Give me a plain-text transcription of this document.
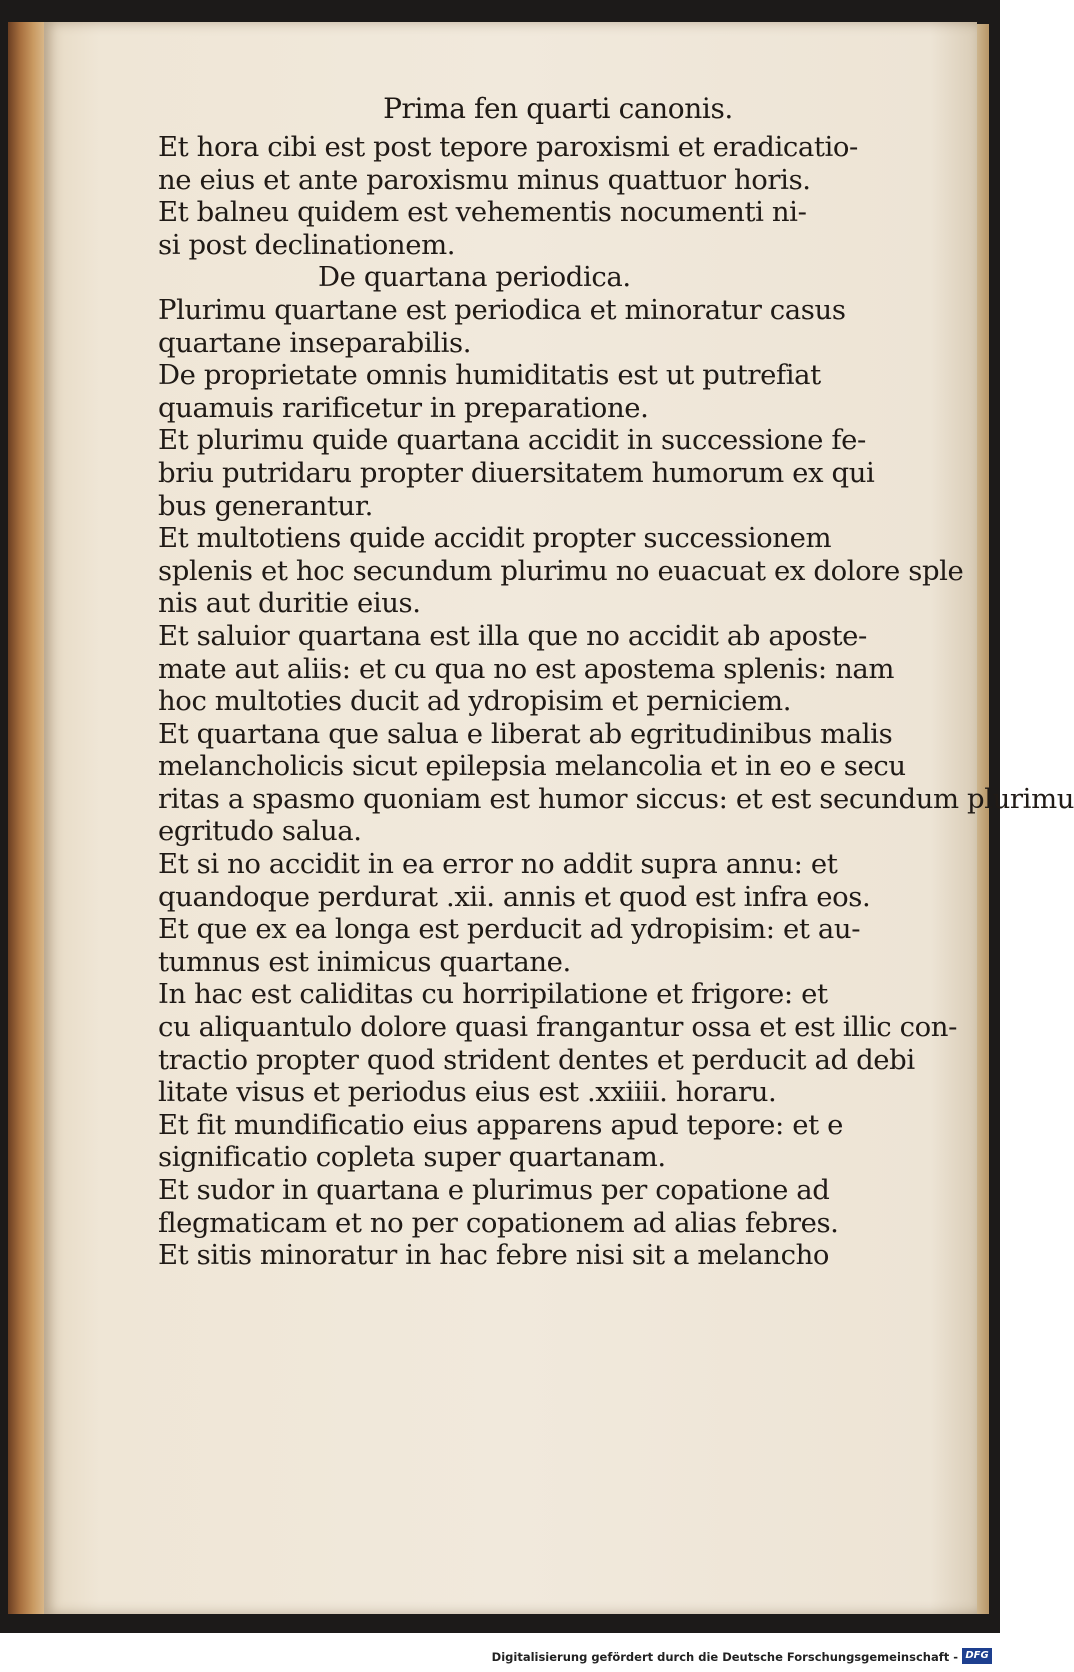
Prima fen quarti canonis.
Et hora cibi est post tepore paroxismi et eradicatio-
ne eius et ante paroxismu minus quattuor horis.
Et balneu quidem est vehementis nocumenti ni-
si post declinationem.
De quartana periodica.
Plurimu quartane est periodica et minoratur casus
quartane inseparabilis.
De proprietate omnis humiditatis est ut putrefiat
quamuis rarificetur in preparatione.
Et plurimu quide quartana accidit in successione fe-
briu putridaru propter diuersitatem humorum ex qui
bus generantur.
Et multotiens quide accidit propter successionem
splenis et hoc secundum plurimu no euacuat ex dolore sple
nis aut duritie eius.
Et saluior quartana est illa que no accidit ab aposte-
mate aut aliis: et cu qua no est apostema splenis: nam
hoc multoties ducit ad ydropisim et perniciem.
Et quartana que salua e liberat ab egritudinibus malis
melancholicis sicut epilepsia melancolia et in eo e secu
ritas a spasmo quoniam est humor siccus: et est secundum plurimu
egritudo salua.
Et si no accidit in ea error no addit supra annu: et
quandoque perdurat .xii. annis et quod est infra eos.
Et que ex ea longa est perducit ad ydropisim: et au-
tumnus est inimicus quartane.
In hac est caliditas cu horripilatione et frigore: et
cu aliquantulo dolore quasi frangantur ossa et est illic con-
tractio propter quod strident dentes et perducit ad debi
litate visus et periodus eius est .xxiiii. horaru.
Et fit mundificatio eius apparens apud tepore: et e
significatio copleta super quartanam.
Et sudor in quartana e plurimus per copatione ad
flegmaticam et no per copationem ad alias febres.
Et sitis minoratur in hac febre nisi sit a melancho
Digitalisierung gefördert durch die Deutsche Forschungsgemeinschaft - DFG
